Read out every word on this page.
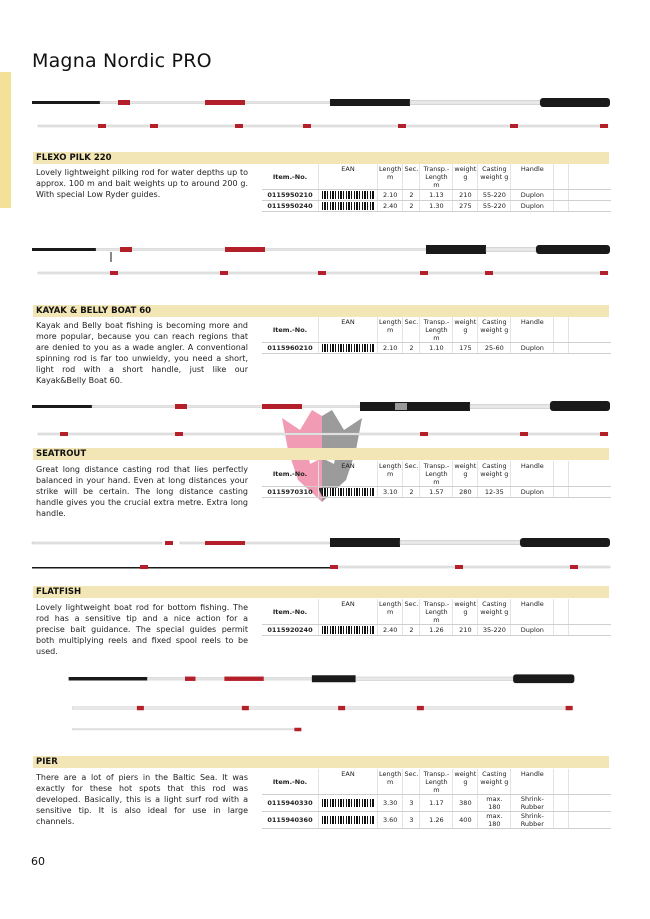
Magna Nordic PRO
FLEXO PILK 220
Lovely lightweight pilking rod for water depths up to approx. 100 m and bait weights up to around 200 g. With special Low Ryder guides.
Item.-No.	EAN	Length m	Sec.	Transp.- Length m	weight g	Casting weight g	Handle		
0115950210		2.10	2	1.13	210	55-220	Duplon		
0115950240		2.40	2	1.30	275	55-220	Duplon		
KAYAK & BELLY BOAT 60
Kayak and Belly boat fishing is becoming more and more popular, because you can reach regions that are denied to you as a wade angler. A conventional spinning rod is far too unwieldy, you need a short, light rod with a short handle, just like our Kayak&Belly Boat 60.
Item.-No.	EAN	Length m	Sec.	Transp.- Length m	weight g	Casting weight g	Handle		
0115960210		2.10	2	1.10	175	25-60	Duplon		
SEATROUT
Great long distance casting rod that lies perfectly balanced in your hand. Even at long distances your strike will be certain. The long distance casting handle gives you the crucial extra metre. Extra long handle.
Item.-No.	EAN	Length m	Sec.	Transp.- Length m	weight g	Casting weight g	Handle		
0115970310		3.10	2	1.57	280	12-35	Duplon		
FLATFISH
Lovely lightweight boat rod for bottom fishing. The rod has a sensitive tip and a nice action for a precise bait guidance. The special guides permit both multiplying reels and fixed spool reels to be used.
Item.-No.	EAN	Length m	Sec.	Transp.- Length m	weight g	Casting weight g	Handle		
0115920240		2.40	2	1.26	210	35-220	Duplon		
PIER
There are a lot of piers in the Baltic Sea. It was exactly for these hot spots that this rod was developed. Basically, this is a light surf rod with a sensitive tip. It is also ideal for use in large channels.
Item.-No.	EAN	Length m	Sec.	Transp.- Length m	weight g	Casting weight g	Handle		
0115940330		3.30	3	1.17	380	max. 180	Shrink-Rubber		
0115940360		3.60	3	1.26	400	max. 180	Shrink-Rubber		
60
